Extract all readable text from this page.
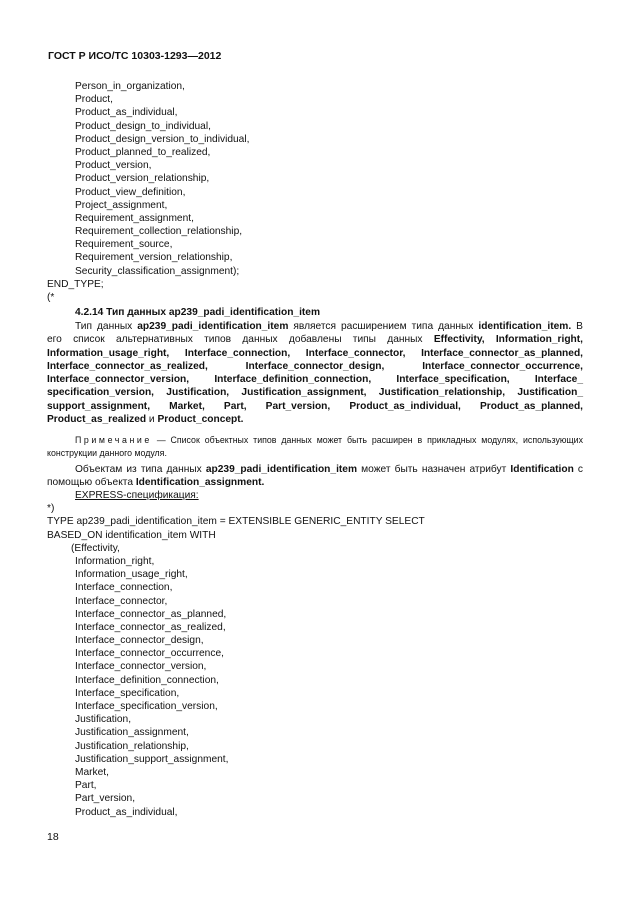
ГОСТ Р ИСО/ТС 10303-1293—2012
Person_in_organization,
Product,
Product_as_individual,
Product_design_to_individual,
Product_design_version_to_individual,
Product_planned_to_realized,
Product_version,
Product_version_relationship,
Product_view_definition,
Project_assignment,
Requirement_assignment,
Requirement_collection_relationship,
Requirement_source,
Requirement_version_relationship,
Security_classification_assignment);
END_TYPE;
(*
4.2.14 Тип данных ap239_padi_identification_item
Тип данных ap239_padi_identification_item является расширением типа данных identification_item. В его список альтернативных типов данных добавлены типы данных Effectivity, Information_right, Information_usage_right, Interface_connection, Interface_connector, Interface_connector_as_planned, Interface_connector_as_realized, Interface_connector_design, Interface_connector_occurrence, Interface_connector_version, Interface_definition_connection, Interface_specification, Interface_ specification_version, Justification, Justification_assignment, Justification_relationship, Justification_ support_assignment, Market, Part, Part_version, Product_as_individual, Product_as_planned, Product_as_realized и Product_concept.
Примечание — Список объектных типов данных может быть расширен в прикладных модулях, использующих конструкции данного модуля.
Объектам из типа данных ap239_padi_identification_item может быть назначен атрибут Identification с помощью объекта Identification_assignment.
EXPRESS-спецификация:
*)
TYPE ap239_padi_identification_item = EXTENSIBLE GENERIC_ENTITY SELECT
BASED_ON identification_item WITH
(Effectivity,
Information_right,
Information_usage_right,
Interface_connection,
Interface_connector,
Interface_connector_as_planned,
Interface_connector_as_realized,
Interface_connector_design,
Interface_connector_occurrence,
Interface_connector_version,
Interface_definition_connection,
Interface_specification,
Interface_specification_version,
Justification,
Justification_assignment,
Justification_relationship,
Justification_support_assignment,
Market,
Part,
Part_version,
Product_as_individual,
18
